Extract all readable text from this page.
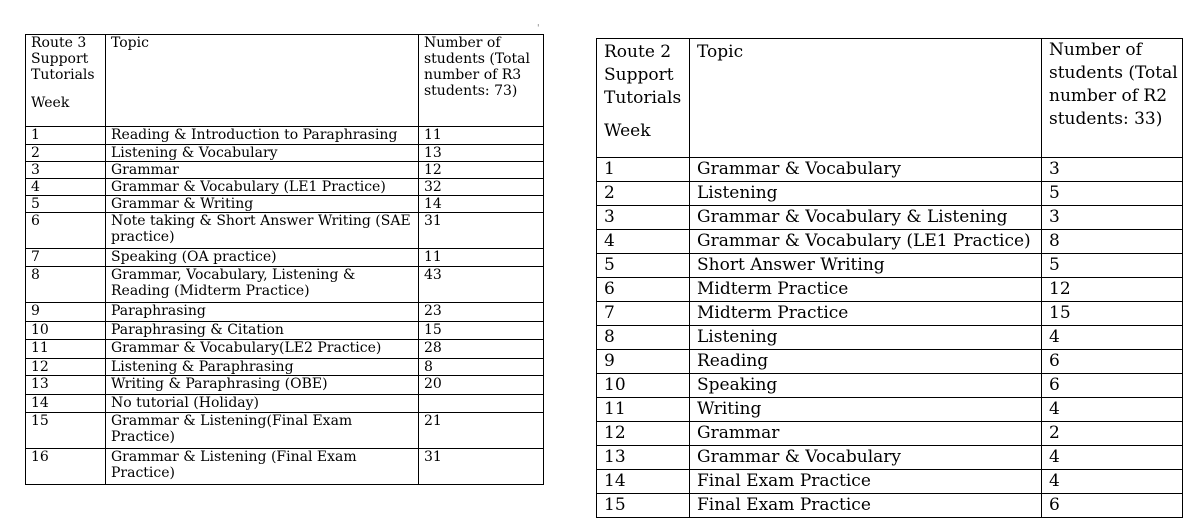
Route 3 Support Tutorials
Week	Topic	Number of students (Total number of R3 students: 73)
1	Reading & Introduction to Paraphrasing	11
2	Listening & Vocabulary	13
3	Grammar	12
4	Grammar & Vocabulary (LE1 Practice)	32
5	Grammar & Writing	14
6	Note taking & Short Answer Writing (SAE practice)	31
7	Speaking (OA practice)	11
8	Grammar, Vocabulary, Listening & Reading (Midterm Practice)	43
9	Paraphrasing	23
10	Paraphrasing & Citation	15
11	Grammar & Vocabulary(LE2 Practice)	28
12	Listening & Paraphrasing	8
13	Writing & Paraphrasing (OBE)	20
14	No tutorial (Holiday)	
15	Grammar & Listening(Final Exam Practice)	21
16	Grammar & Listening (Final Exam Practice)	31
Route 2 Support Tutorials
Week	Topic	Number of students (Total number of R2 students: 33)
1	Grammar & Vocabulary	3
2	Listening	5
3	Grammar & Vocabulary & Listening	3
4	Grammar & Vocabulary (LE1 Practice)	8
5	Short Answer Writing	5
6	Midterm Practice	12
7	Midterm Practice	15
8	Listening	4
9	Reading	6
10	Speaking	6
11	Writing	4
12	Grammar	2
13	Grammar & Vocabulary	4
14	Final Exam Practice	4
15	Final Exam Practice	6
'
